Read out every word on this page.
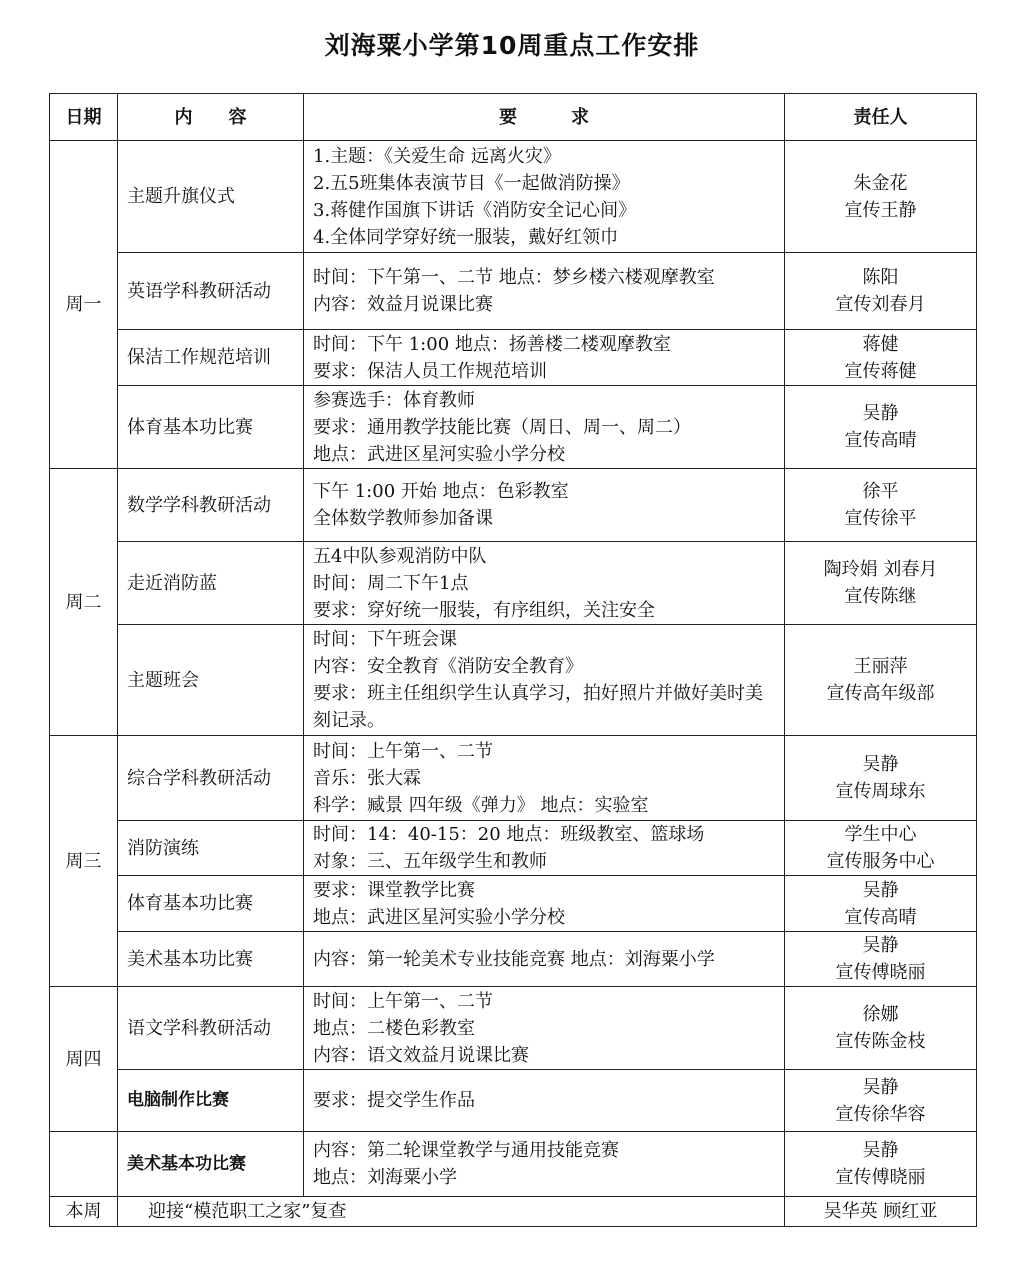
刘海粟小学第10周重点工作安排
日期	内　　容	要　　　求	责任人
周一	主题升旗仪式	1.主题：《关爱生命 远离火灾》
2.五5班集体表演节目《一起做消防操》
3.蒋健作国旗下讲话《消防安全记心间》
4.全体同学穿好统一服装，戴好红领巾	朱金花
宣传王静

	英语学科教研活动	时间：下午第一、二节 地点：梦乡楼六楼观摩教室
内容：效益月说课比赛	陈阳
宣传刘春月

	保洁工作规范培训	时间：下午 1:00 地点：扬善楼二楼观摩教室
要求：保洁人员工作规范培训	蒋健
宣传蒋健

	体育基本功比赛	参赛选手：体育教师
要求：通用教学技能比赛（周日、周一、周二）
地点：武进区星河实验小学分校	吴静
宣传高晴

周二	数学学科教研活动	下午 1:00 开始 地点：色彩教室
全体数学教师参加备课	徐平
宣传徐平

	走近消防蓝	五4中队参观消防中队
时间：周二下午1点
要求：穿好统一服装，有序组织，关注安全	陶玲娟 刘春月
宣传陈继

	主题班会	时间：下午班会课
内容：安全教育《消防安全教育》
要求：班主任组织学生认真学习，拍好照片并做好美时美刻记录。	王丽萍
宣传高年级部

周三	综合学科教研活动	时间：上午第一、二节
音乐：张大霖
科学：臧景 四年级《弹力》 地点：实验室	吴静
宣传周球东

	消防演练	时间：14：40-15：20 地点：班级教室、篮球场
对象：三、五年级学生和教师	学生中心
宣传服务中心

	体育基本功比赛	要求：课堂教学比赛
地点：武进区星河实验小学分校	吴静
宣传高晴

	美术基本功比赛	内容：第一轮美术专业技能竞赛 地点：刘海粟小学	吴静
宣传傅晓丽

周四	语文学科教研活动	时间：上午第一、二节
地点：二楼色彩教室
内容：语文效益月说课比赛	徐娜
宣传陈金枝

	电脑制作比赛	要求：提交学生作品	吴静
宣传徐华容

	美术基本功比赛	内容：第二轮课堂教学与通用技能竞赛
地点：刘海粟小学	吴静
宣传傅晓丽

本周	迎接“模范职工之家”复查		吴华英 顾红亚
